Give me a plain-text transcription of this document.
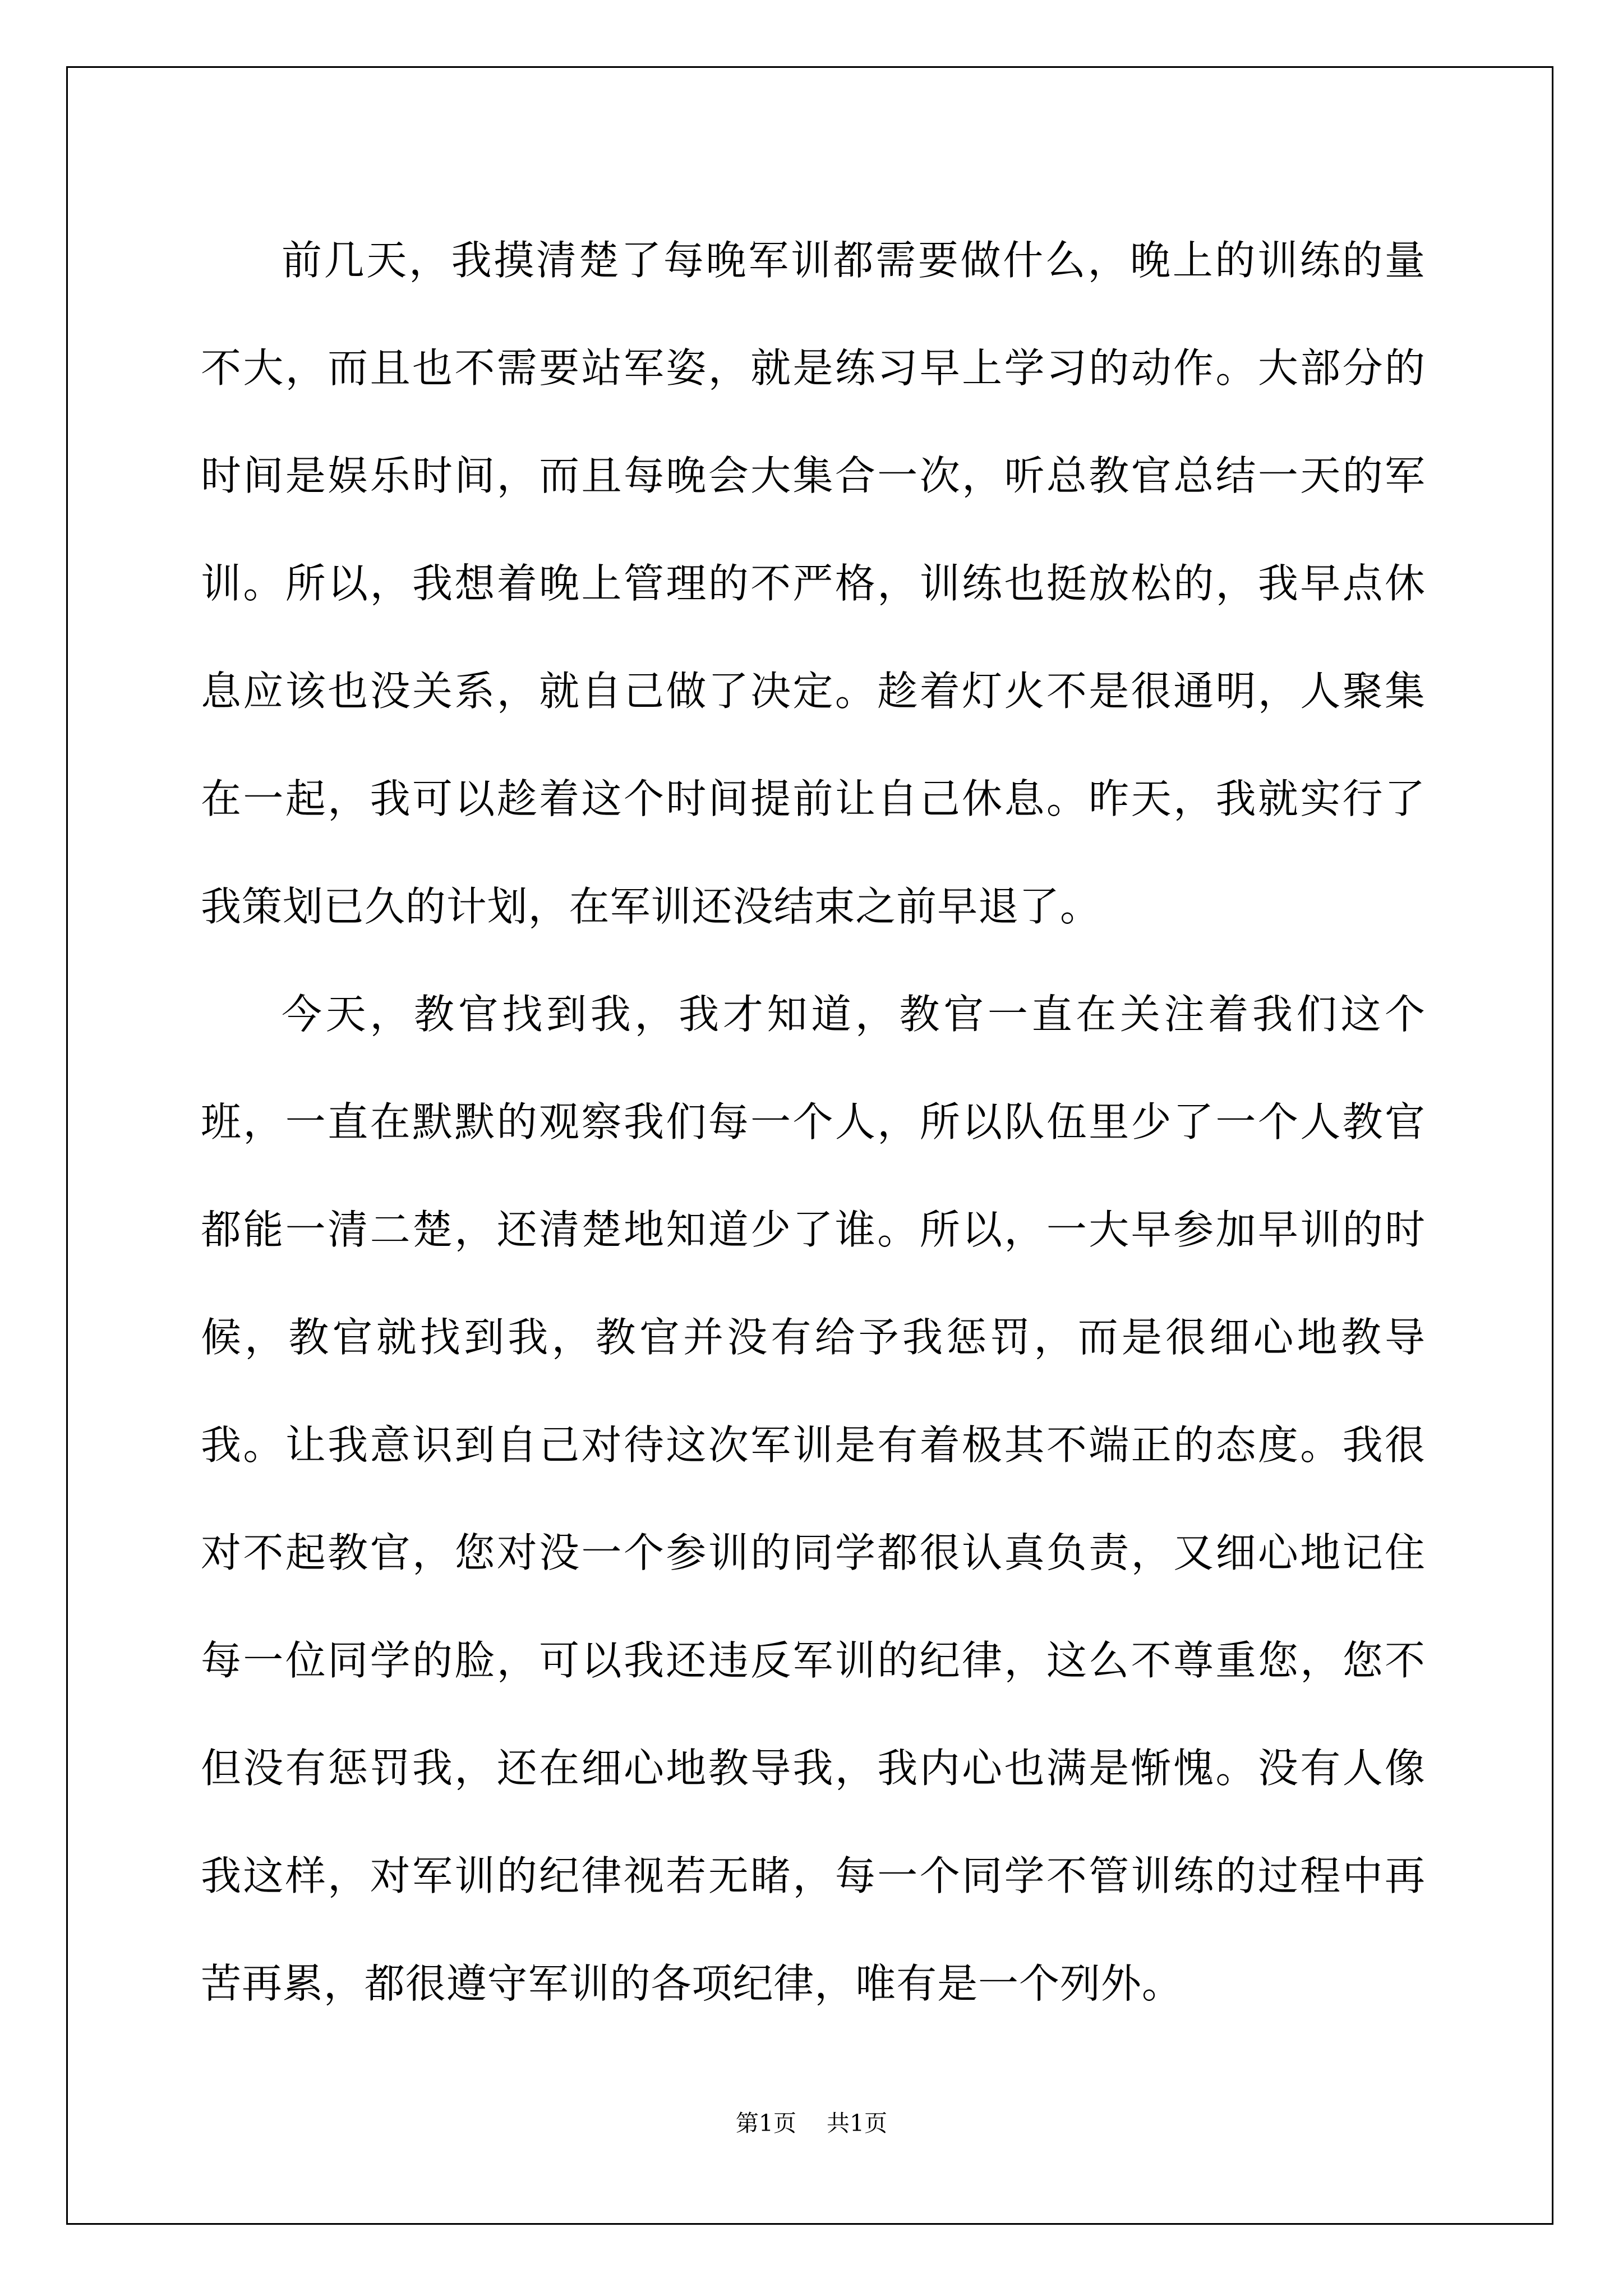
前几天，我摸清楚了每晚军训都需要做什么，晚上的训练的量不大，而且也不需要站军姿，就是练习早上学习的动作。大部分的时间是娱乐时间，而且每晚会大集合一次，听总教官总结一天的军训。所以，我想着晚上管理的不严格，训练也挺放松的，我早点休息应该也没关系，就自己做了决定。趁着灯火不是很通明，人聚集在一起，我可以趁着这个时间提前让自己休息。昨天，我就实行了我策划已久的计划，在军训还没结束之前早退了。

今天，教官找到我，我才知道，教官一直在关注着我们这个班，一直在默默的观察我们每一个人，所以队伍里少了一个人教官都能一清二楚，还清楚地知道少了谁。所以，一大早参加早训的时候，教官就找到我，教官并没有给予我惩罚，而是很细心地教导我。让我意识到自己对待这次军训是有着极其不端正的态度。我很对不起教官，您对没一个参训的同学都很认真负责，又细心地记住每一位同学的脸，可以我还违反军训的纪律，这么不尊重您，您不但没有惩罚我，还在细心地教导我，我内心也满是惭愧。没有人像我这样，对军训的纪律视若无睹，每一个同学不管训练的过程中再苦再累，都很遵守军训的各项纪律，唯有是一个列外。

第1页 共1页
